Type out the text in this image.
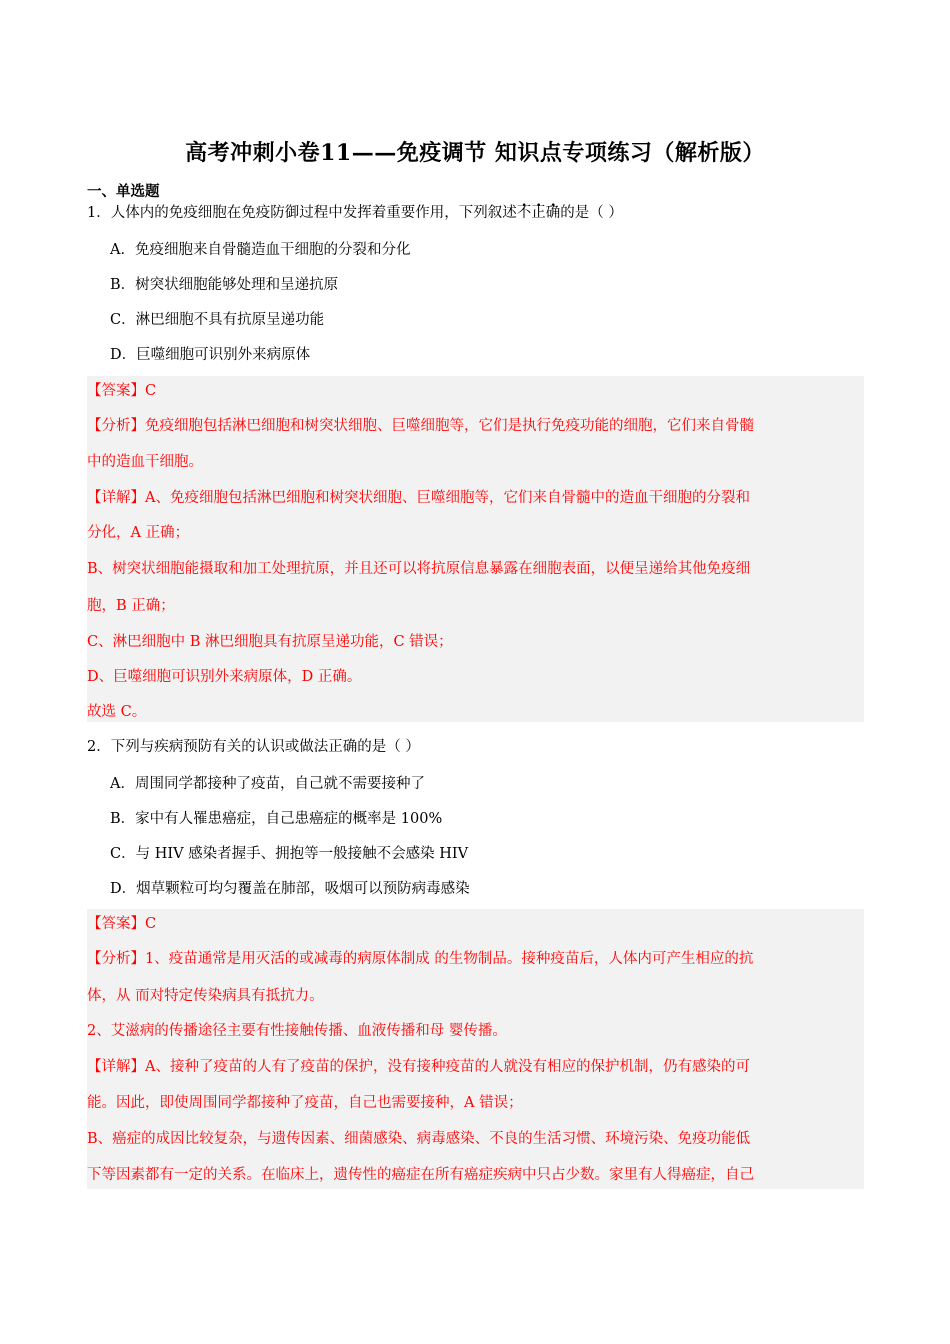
高考冲刺小卷11——免疫调节 知识点专项练习（解析版）
一、单选题
1．人体内的免疫细胞在免疫防御过程中发挥着重要作用，下列叙述不正确的是（ ）
A．免疫细胞来自骨髓造血干细胞的分裂和分化
B．树突状细胞能够处理和呈递抗原
C．淋巴细胞不具有抗原呈递功能
D．巨噬细胞可识别外来病原体
【答案】C
【分析】免疫细胞包括淋巴细胞和树突状细胞、巨噬细胞等，它们是执行免疫功能的细胞，它们来自骨髓
中的造血干细胞。
【详解】A、免疫细胞包括淋巴细胞和树突状细胞、巨噬细胞等，它们来自骨髓中的造血干细胞的分裂和
分化，A 正确；
B、树突状细胞能摄取和加工处理抗原，并且还可以将抗原信息暴露在细胞表面，以便呈递给其他免疫细
胞，B 正确；
C、淋巴细胞中 B 淋巴细胞具有抗原呈递功能，C 错误；
D、巨噬细胞可识别外来病原体，D 正确。
故选 C。
2．下列与疾病预防有关的认识或做法正确的是（ ）
A．周围同学都接种了疫苗，自己就不需要接种了
B．家中有人罹患癌症，自己患癌症的概率是 100%
C．与 HIV 感染者握手、拥抱等一般接触不会感染 HIV
D．烟草颗粒可均匀覆盖在肺部，吸烟可以预防病毒感染
【答案】C
【分析】1、疫苗通常是用灭活的或减毒的病原体制成 的生物制品。接种疫苗后，人体内可产生相应的抗
体，从 而对特定传染病具有抵抗力。
2、艾滋病的传播途径主要有性接触传播、血液传播和母 婴传播。
【详解】A、接种了疫苗的人有了疫苗的保护，没有接种疫苗的人就没有相应的保护机制，仍有感染的可
能。因此，即使周围同学都接种了疫苗，自己也需要接种，A 错误；
B、癌症的成因比较复杂，与遗传因素、细菌感染、病毒感染、不良的生活习惯、环境污染、免疫功能低
下等因素都有一定的关系。在临床上，遗传性的癌症在所有癌症疾病中只占少数。家里有人得癌症，自己
